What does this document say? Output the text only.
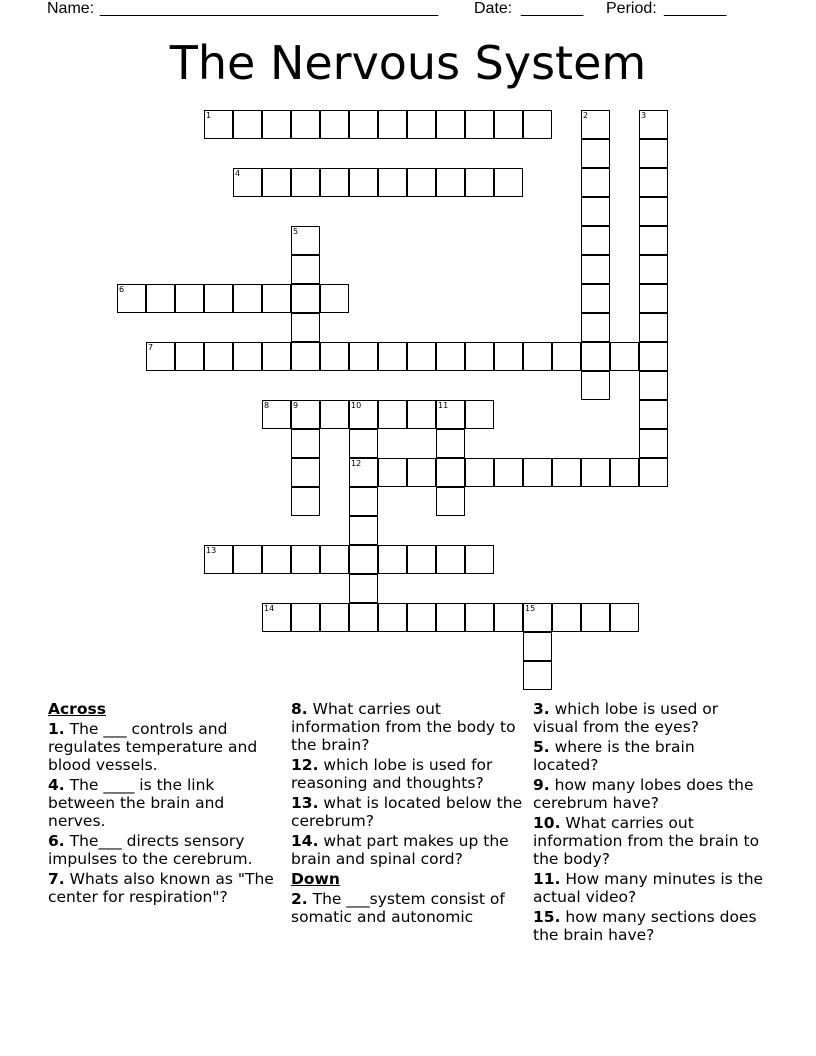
Name:

______________________________________

Date:

_______

Period:

_______

The Nervous System
1	2	3
4
5
6
7
8	9	10	11
12
13
14	15
Across
1. The ___ controls and regulates temperature and blood vessels.
4. The ____ is the link between the brain and nerves.
6. The___ directs sensory impulses to the cerebrum.
7. Whats also known as "The center for respiration"?
8. What carries out information from the body to the brain?
12. which lobe is used for reasoning and thoughts?
13. what is located below the cerebrum?
14. what part makes up the brain and spinal cord?
Down
2. The ___system consist of somatic and autonomic
3. which lobe is used or visual from the eyes?
5. where is the brain located?
9. how many lobes does the cerebrum have?
10. What carries out information from the brain to the body?
11. How many minutes is the actual video?
15. how many sections does the brain have?
